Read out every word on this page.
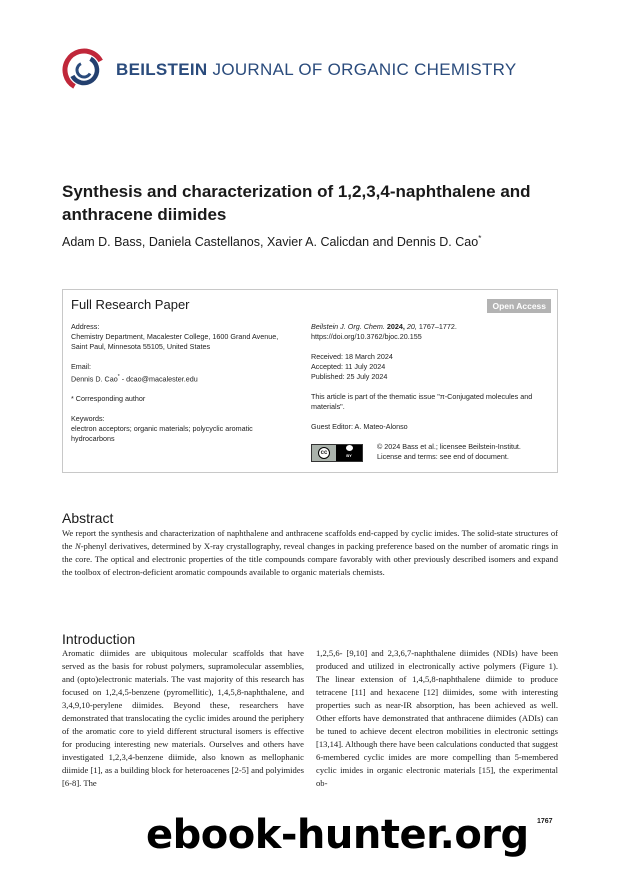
BEILSTEIN JOURNAL OF ORGANIC CHEMISTRY
Synthesis and characterization of 1,2,3,4-naphthalene and anthracene diimides
Adam D. Bass, Daniela Castellanos, Xavier A. Calicdan and Dennis D. Cao*
Full Research Paper	Open Access

Address:

Chemistry Department, Macalester College, 1600 Grand Avenue,

Saint Paul, Minnesota 55105, United States

Email:

Dennis D. Cao* - dcao@macalester.edu

* Corresponding author

Keywords:

electron acceptors; organic materials; polycyclic aromatic

hydrocarbons

Beilstein J. Org. Chem. 2024, 20, 1767–1772.

https://doi.org/10.3762/bjoc.20.155

Received: 18 March 2024

Accepted: 11 July 2024

Published: 25 July 2024

This article is part of the thematic issue "π-Conjugated molecules and

materials".

Guest Editor: A. Mateo-Alonso

cc	BY

© 2024 Bass et al.; licensee Beilstein-Institut.

License and terms: see end of document.

Abstract
We report the synthesis and characterization of naphthalene and anthracene scaffolds end-capped by cyclic imides. The solid-state structures of the N-phenyl derivatives, determined by X-ray crystallography, reveal changes in packing preference based on the number of aromatic rings in the core. The optical and electronic properties of the title compounds compare favorably with other previously described isomers and expand the toolbox of electron-deficient aromatic compounds available to organic materials chemists.
Introduction
Aromatic diimides are ubiquitous molecular scaffolds that have served as the basis for robust polymers, supramolecular assemblies, and (opto)electronic materials. The vast majority of this research has focused on 1,2,4,5-benzene (pyromellitic), 1,4,5,8-naphthalene, and 3,4,9,10-perylene diimides. Beyond these, researchers have demonstrated that translocating the cyclic imides around the periphery of the aromatic core to yield different structural isomers is effective for producing interesting new materials. Ourselves and others have investigated 1,2,3,4-benzene diimide, also known as mellophanic diimide [1], as a building block for heteroacenes [2-5] and polyimides [6-8]. The
1,2,5,6- [9,10] and 2,3,6,7-naphthalene diimides (NDIs) have been produced and utilized in electronically active polymers (Figure 1). The linear extension of 1,4,5,8-naphthalene diimide to produce tetracene [11] and hexacene [12] diimides, some with interesting properties such as near-IR absorption, has been achieved as well. Other efforts have demonstrated that anthracene diimides (ADIs) can be tuned to achieve decent electron mobilities in electronic settings [13,14]. Although there have been calculations conducted that suggest 6-membered cyclic imides are more compelling than 5-membered cyclic imides in organic electronic materials [15], the experimental ob-
1767
ebook-hunter.org
